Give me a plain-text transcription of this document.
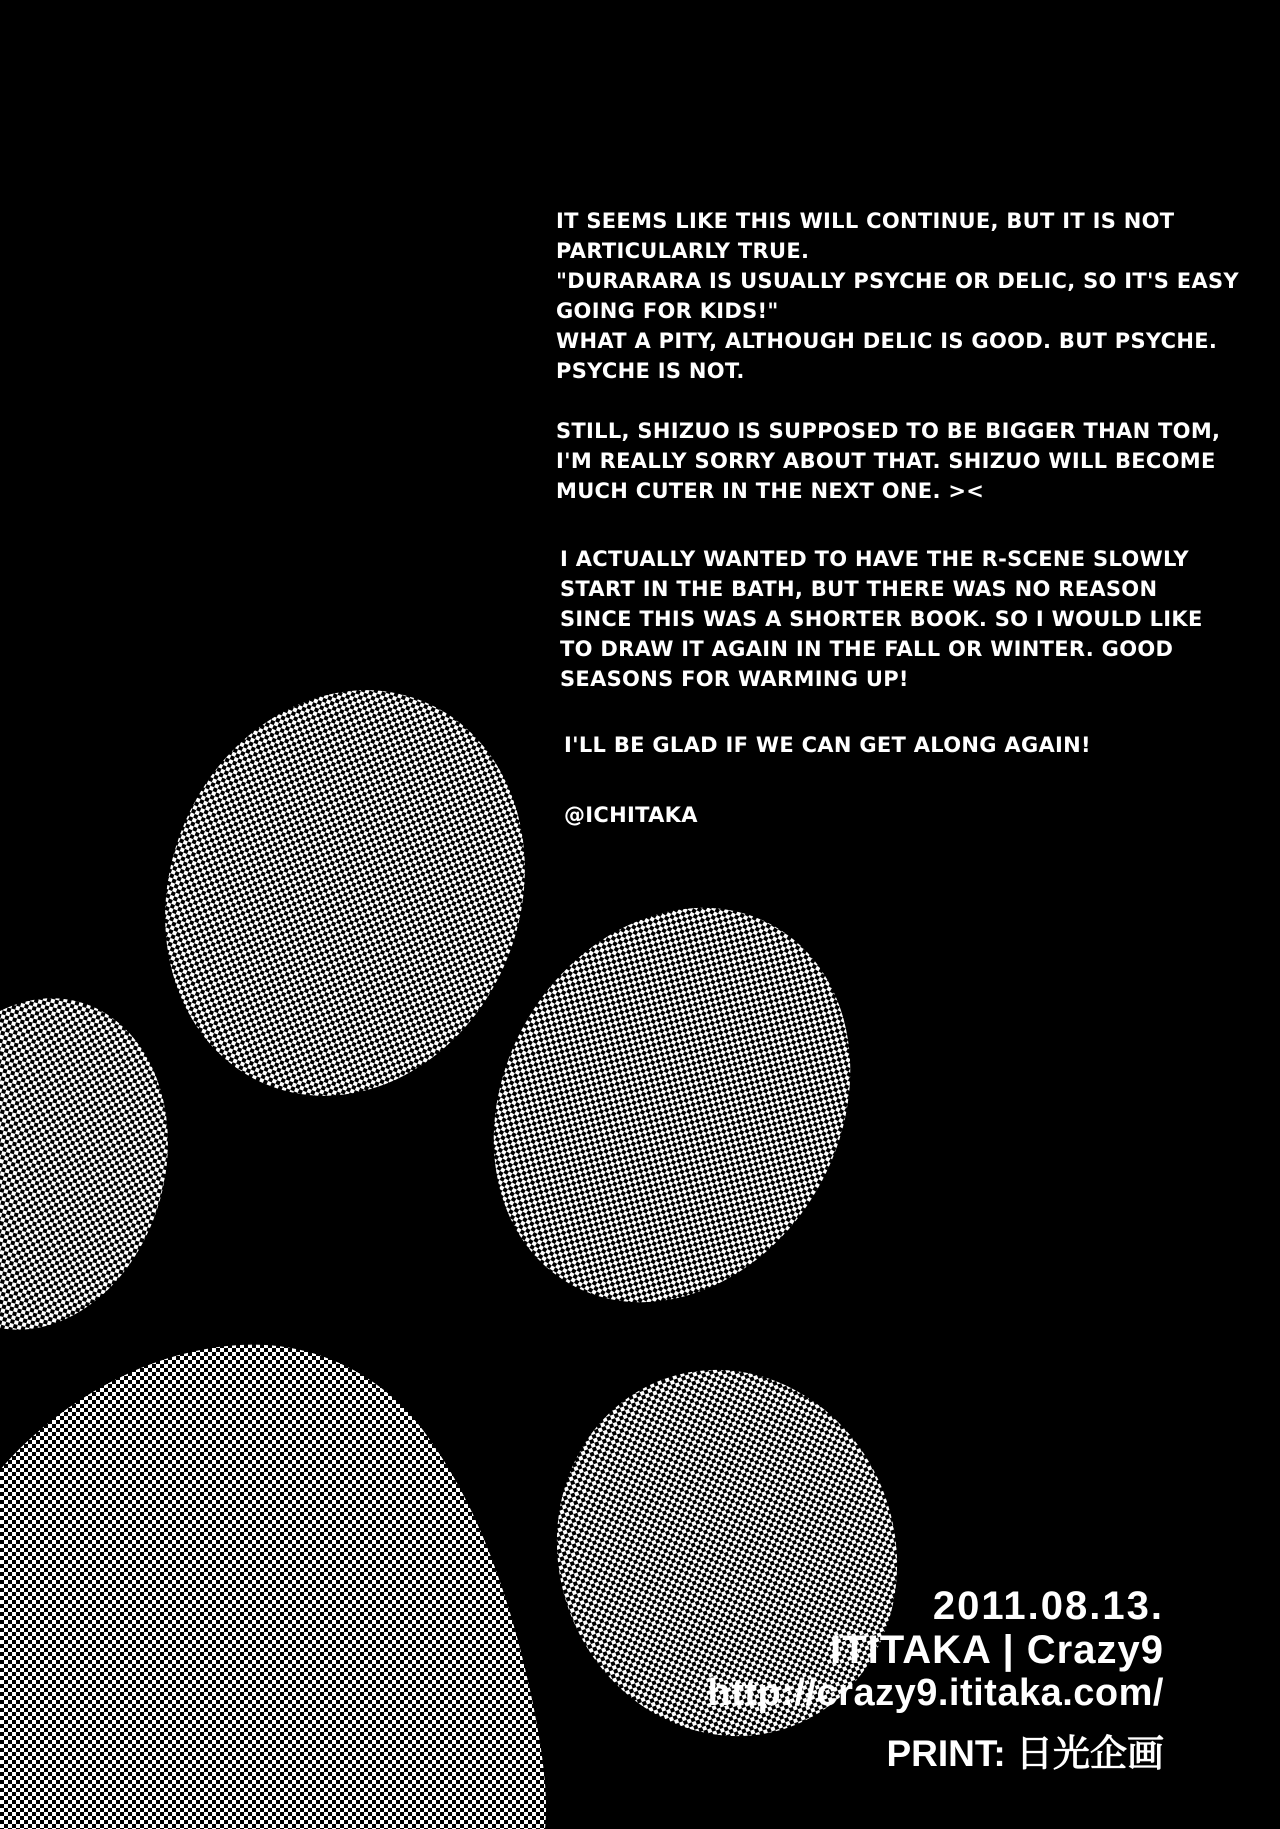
IT SEEMS LIKE THIS WILL CONTINUE, BUT IT IS NOT
PARTICULARLY TRUE.
"DURARARA IS USUALLY PSYCHE OR DELIC, SO IT'S EASY
GOING FOR KIDS!"
WHAT A PITY, ALTHOUGH DELIC IS GOOD. BUT PSYCHE.
PSYCHE IS NOT.

STILL, SHIZUO IS SUPPOSED TO BE BIGGER THAN TOM,
I'M REALLY SORRY ABOUT THAT. SHIZUO WILL BECOME
MUCH CUTER IN THE NEXT ONE. ><

I ACTUALLY WANTED TO HAVE THE R-SCENE SLOWLY
START IN THE BATH, BUT THERE WAS NO REASON
SINCE THIS WAS A SHORTER BOOK. SO I WOULD LIKE
TO DRAW IT AGAIN IN THE FALL OR WINTER. GOOD
SEASONS FOR WARMING UP!

I'LL BE GLAD IF WE CAN GET ALONG AGAIN!

@ICHITAKA

2011.08.13.
ITITAKA | Crazy9
http://crazy9.ititaka.com/
PRINT: 日光企画
